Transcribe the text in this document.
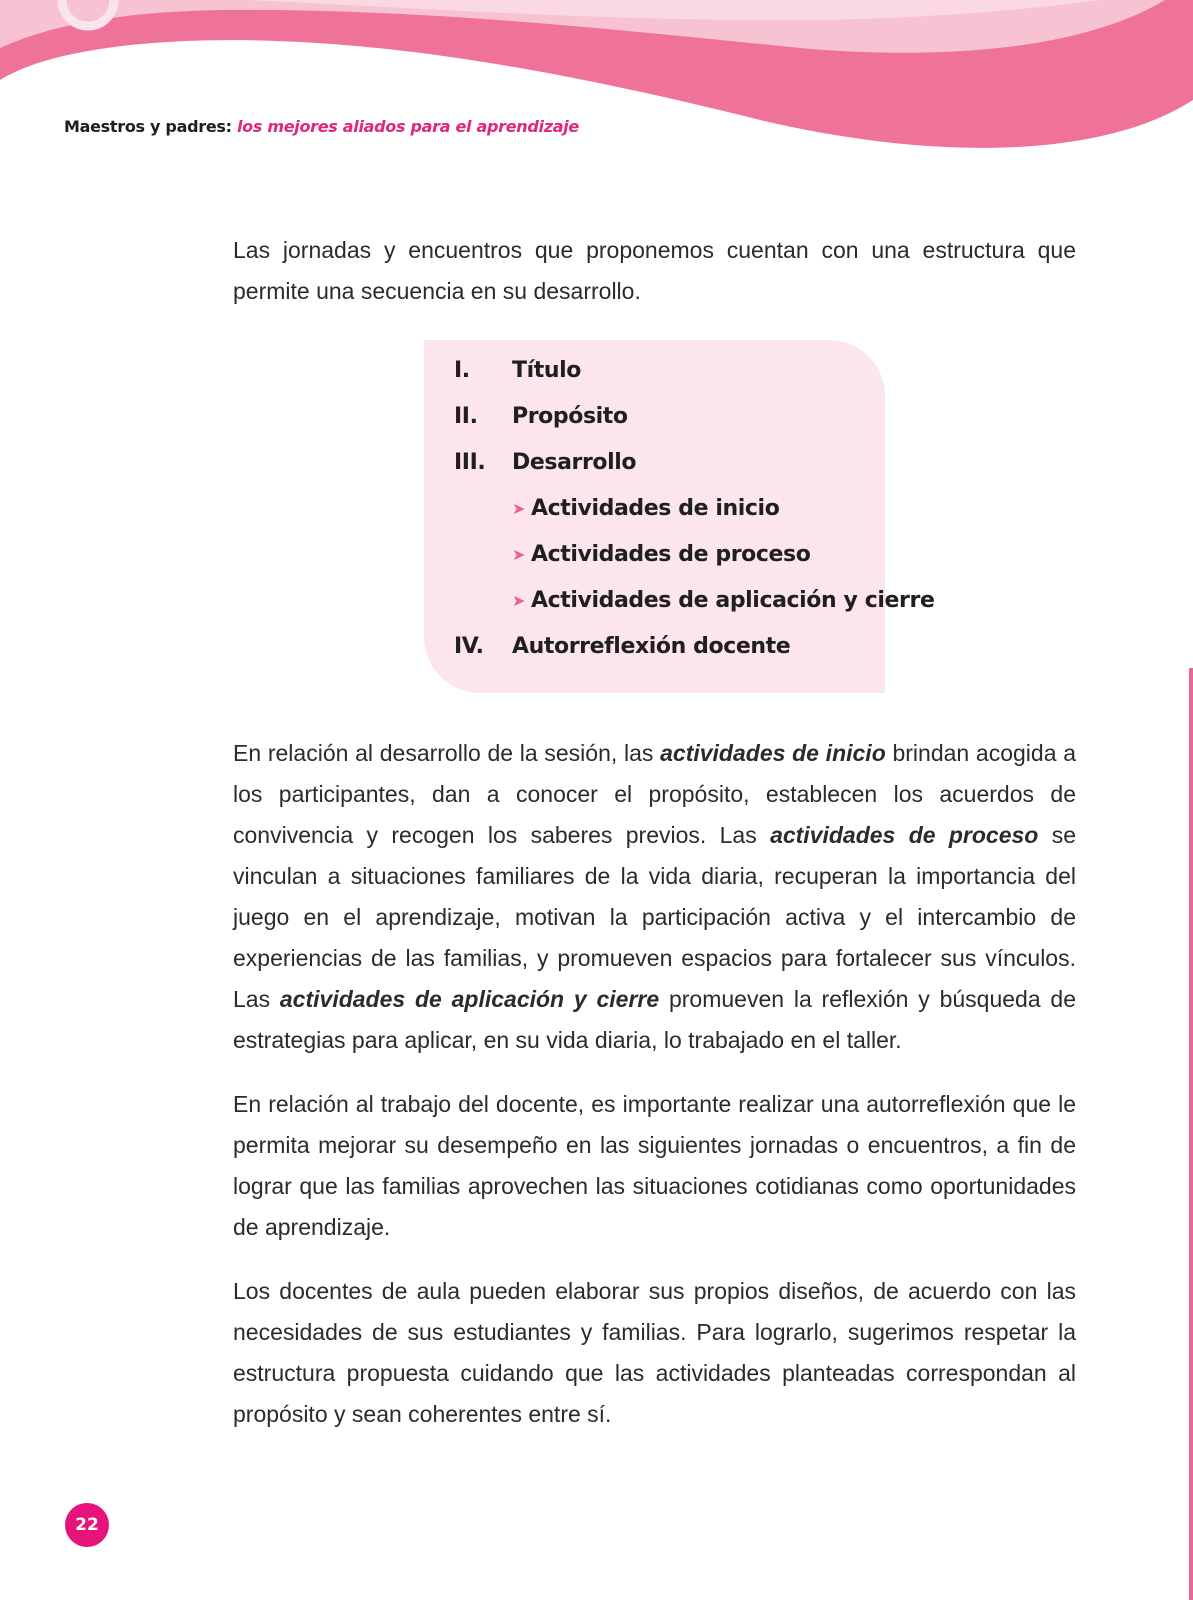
Maestros y padres: los mejores aliados para el aprendizaje

Las jornadas y encuentros que proponemos cuentan con una estructura que permite una secuencia en su desarrollo.

I.	Título
II.	Propósito
III.	Desarrollo
➤ Actividades de inicio
➤ Actividades de proceso
➤ Actividades de aplicación y cierre
IV.	Autorreflexión docente

En relación al desarrollo de la sesión, las actividades de inicio brindan acogida a los participantes, dan a conocer el propósito, establecen los acuerdos de convivencia y recogen los saberes previos. Las actividades de proceso se vinculan a situaciones familiares de la vida diaria, recuperan la importancia del juego en el aprendizaje, motivan la participación activa y el intercambio de experiencias de las familias, y promueven espacios para fortalecer sus vínculos. Las actividades de aplicación y cierre promueven la reflexión y búsqueda de estrategias para aplicar, en su vida diaria, lo trabajado en el taller.

En relación al trabajo del docente, es importante realizar una autorreflexión que le permita mejorar su desempeño en las siguientes jornadas o encuentros, a fin de lograr que las familias aprovechen las situaciones cotidianas como oportunidades de aprendizaje.

Los docentes de aula pueden elaborar sus propios diseños, de acuerdo con las necesidades de sus estudiantes y familias. Para lograrlo, sugerimos respetar la estructura propuesta cuidando que las actividades planteadas correspondan al propósito y sean coherentes entre sí.

22
